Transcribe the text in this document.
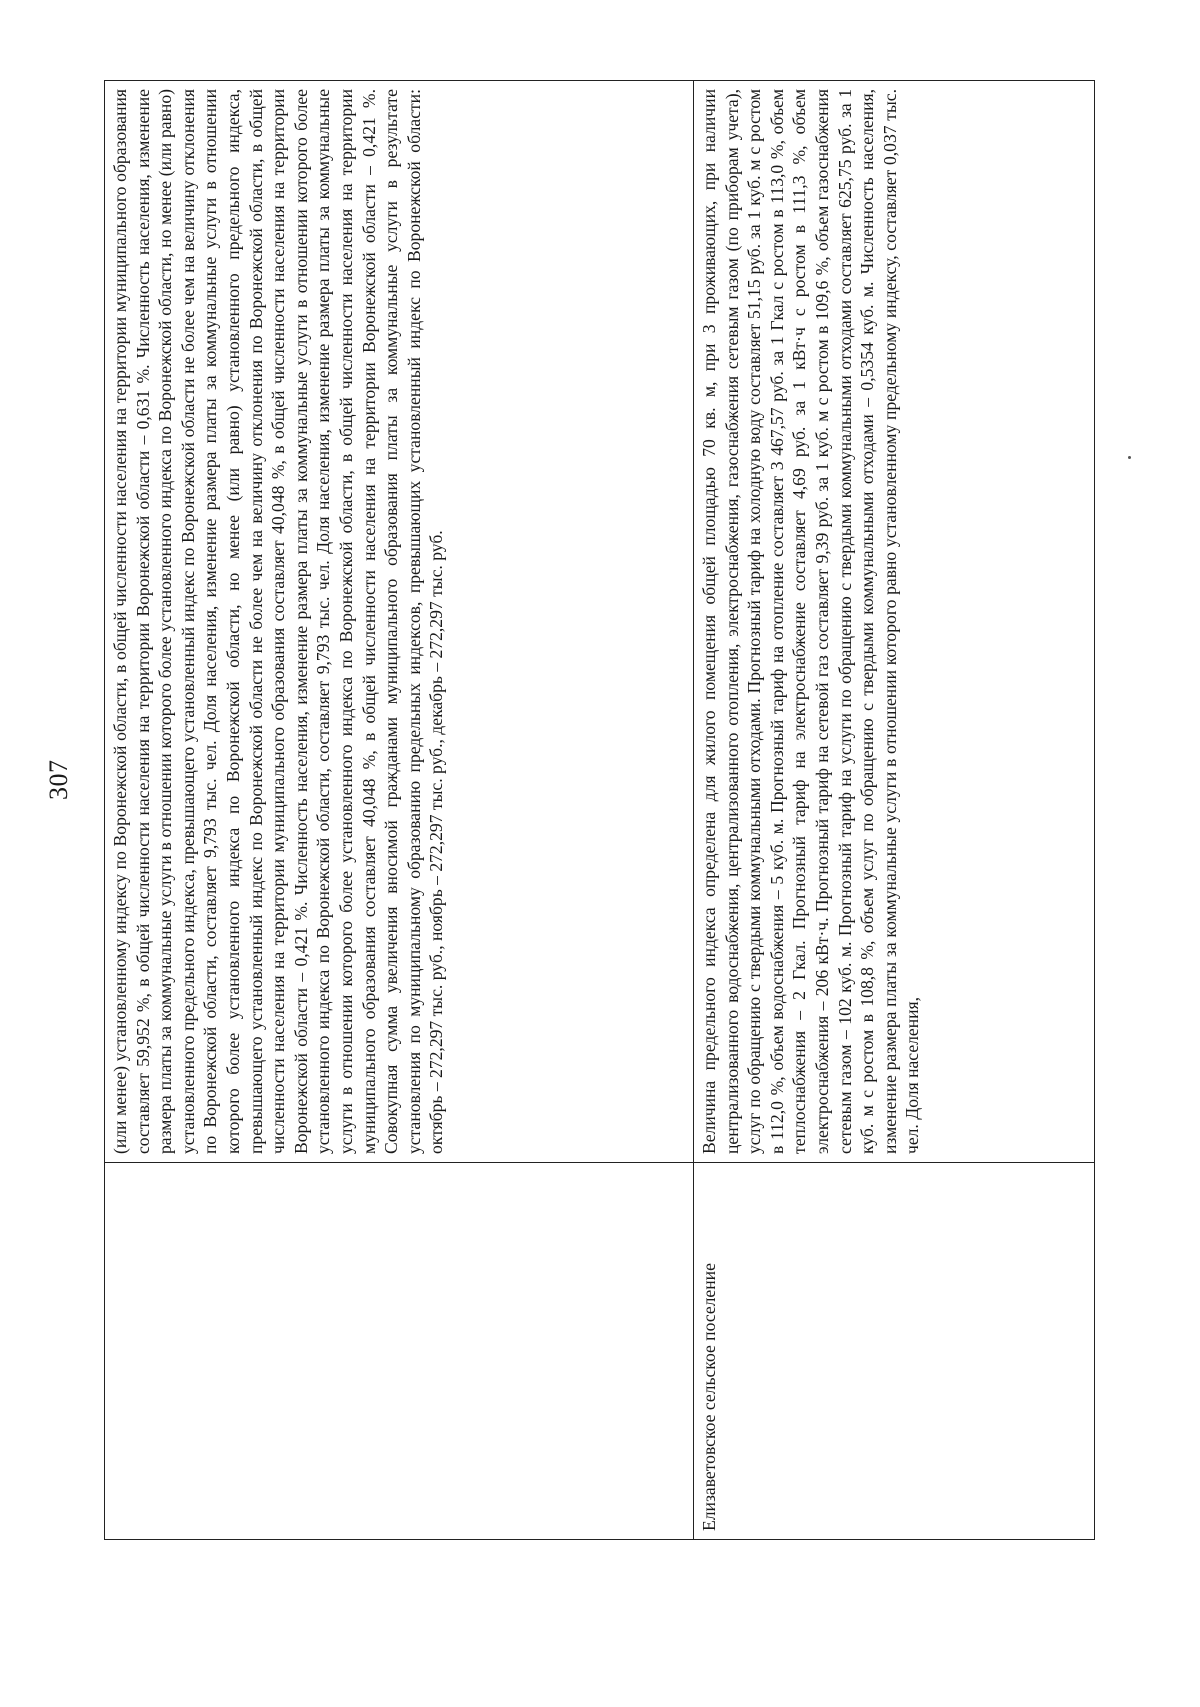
307
	(или менее) установленному индексу по Воронежской области, в общей численности населения на территории муниципального образования составляет 59,952 %, в общей численности населения на территории Воронежской области – 0,631 %. Численность населения, изменение размера платы за коммунальные услуги в отношении которого более установленного индекса по Воронежской области, но менее (или равно) установленного предельного индекса, превышающего установленный индекс по Воронежской области не более чем на величину отклонения по Воронежской области, составляет 9,793 тыс. чел. Доля населения, изменение размера платы за коммунальные услуги в отношении которого более установленного индекса по Воронежской области, но менее (или равно) установленного предельного индекса, превышающего установленный индекс по Воронежской области не более чем на величину отклонения по Воронежской области, в общей численности населения на территории муниципального образования составляет 40,048 %, в общей численности населения на территории Воронежской области – 0,421 %. Численность населения, изменение размера платы за коммунальные услуги в отношении которого более установленного индекса по Воронежской области, составляет 9,793 тыс. чел. Доля населения, изменение размера платы за коммунальные услуги в отношении которого более установленного индекса по Воронежской области, в общей численности населения на территории муниципального образования составляет 40,048 %, в общей численности населения на территории Воронежской области – 0,421 %. Совокупная сумма увеличения вносимой гражданами муниципального образования платы за коммунальные услуги в результате установления по муниципальному образованию предельных индексов, превышающих установленный индекс по Воронежской области: октябрь – 272,297 тыс. руб., ноябрь – 272,297 тыс. руб., декабрь – 272,297 тыс. руб.
Елизаветовское сельское поселение	Величина предельного индекса определена для жилого помещения общей площадью 70 кв. м, при 3 проживающих, при наличии централизованного водоснабжения, централизованного отопления, электроснабжения, газоснабжения сетевым газом (по приборам учета), услуг по обращению с твердыми коммунальными отходами. Прогнозный тариф на холодную воду составляет 51,15 руб. за 1 куб. м с ростом в 112,0 %, объем водоснабжения – 5 куб. м. Прогнозный тариф на отопление составляет 3 467,57 руб. за 1 Гкал с ростом в 113,0 %, объем теплоснабжения – 2 Гкал. Прогнозный тариф на электроснабжение составляет 4,69 руб. за 1 кВт·ч с ростом в 111,3 %, объем электроснабжения – 206 кВт·ч. Прогнозный тариф на сетевой газ составляет 9,39 руб. за 1 куб. м с ростом в 109,6 %, объем газоснабжения сетевым газом – 102 куб. м. Прогнозный тариф на услуги по обращению с твердыми коммунальными отходами составляет 625,75 руб. за 1 куб. м с ростом в 108,8 %, объем услуг по обращению с твердыми коммунальными отходами – 0,5354 куб. м. Численность населения, изменение размера платы за коммунальные услуги в отношении которого равно установленному предельному индексу, составляет 0,037 тыс. чел. Доля населения,
